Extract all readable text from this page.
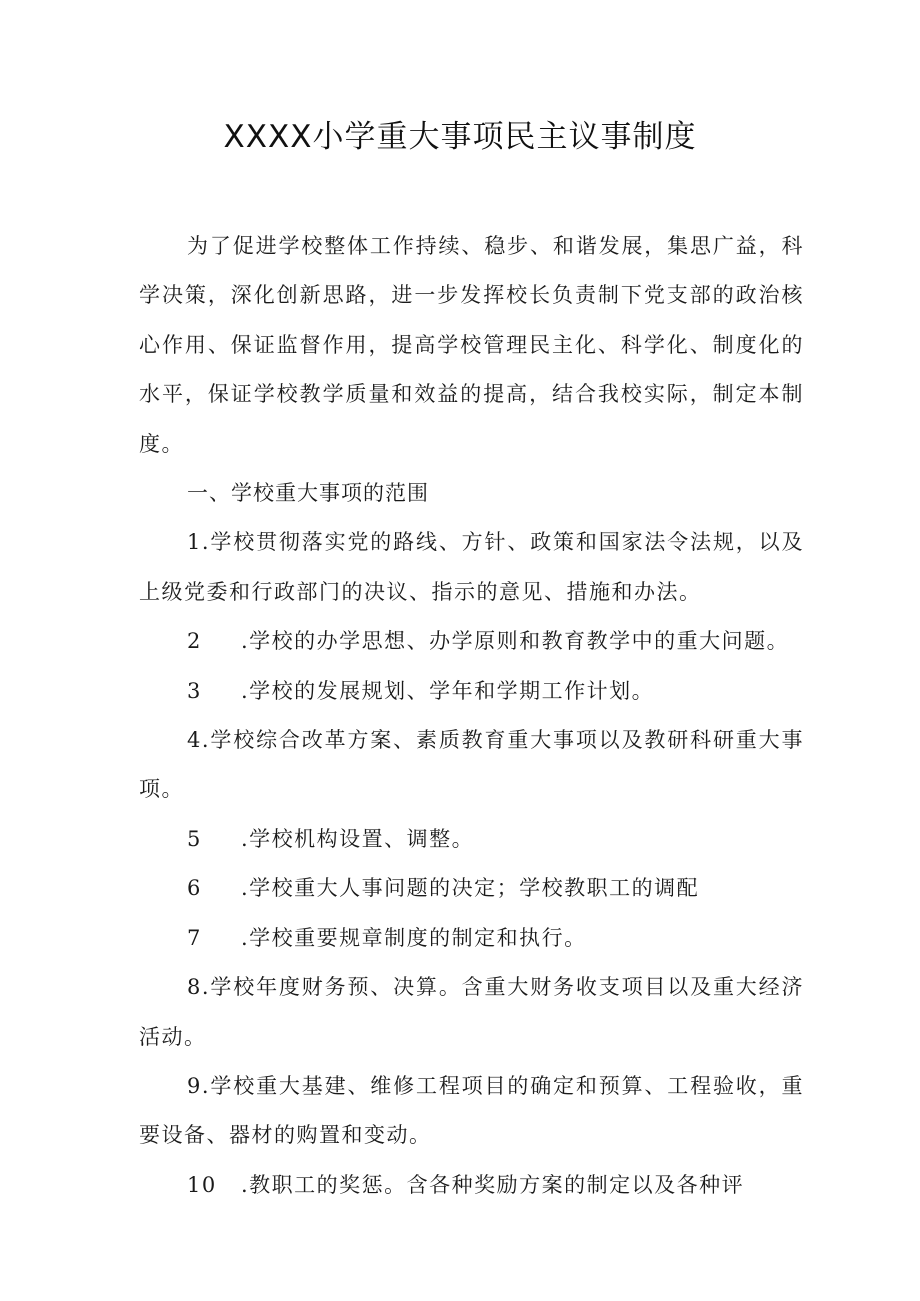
XXXX小学重大事项民主议事制度

为了促进学校整体工作持续、稳步、和谐发展，集思广益，科学决策，深化创新思路，进一步发挥校长负责制下党支部的政治核心作用、保证监督作用，提高学校管理民主化、科学化、制度化的水平，保证学校教学质量和效益的提高，结合我校实际，制定本制度。

一、学校重大事项的范围

1.学校贯彻落实党的路线、方针、政策和国家法令法规，以及上级党委和行政部门的决议、指示的意见、措施和办法。

2 .学校的办学思想、办学原则和教育教学中的重大问题。

3 .学校的发展规划、学年和学期工作计划。

4.学校综合改革方案、素质教育重大事项以及教研科研重大事项。

5 .学校机构设置、调整。

6 .学校重大人事问题的决定；学校教职工的调配

7 .学校重要规章制度的制定和执行。

8.学校年度财务预、决算。含重大财务收支项目以及重大经济活动。

9.学校重大基建、维修工程项目的确定和预算、工程验收，重要设备、器材的购置和变动。

10 .教职工的奖惩。含各种奖励方案的制定以及各种评
